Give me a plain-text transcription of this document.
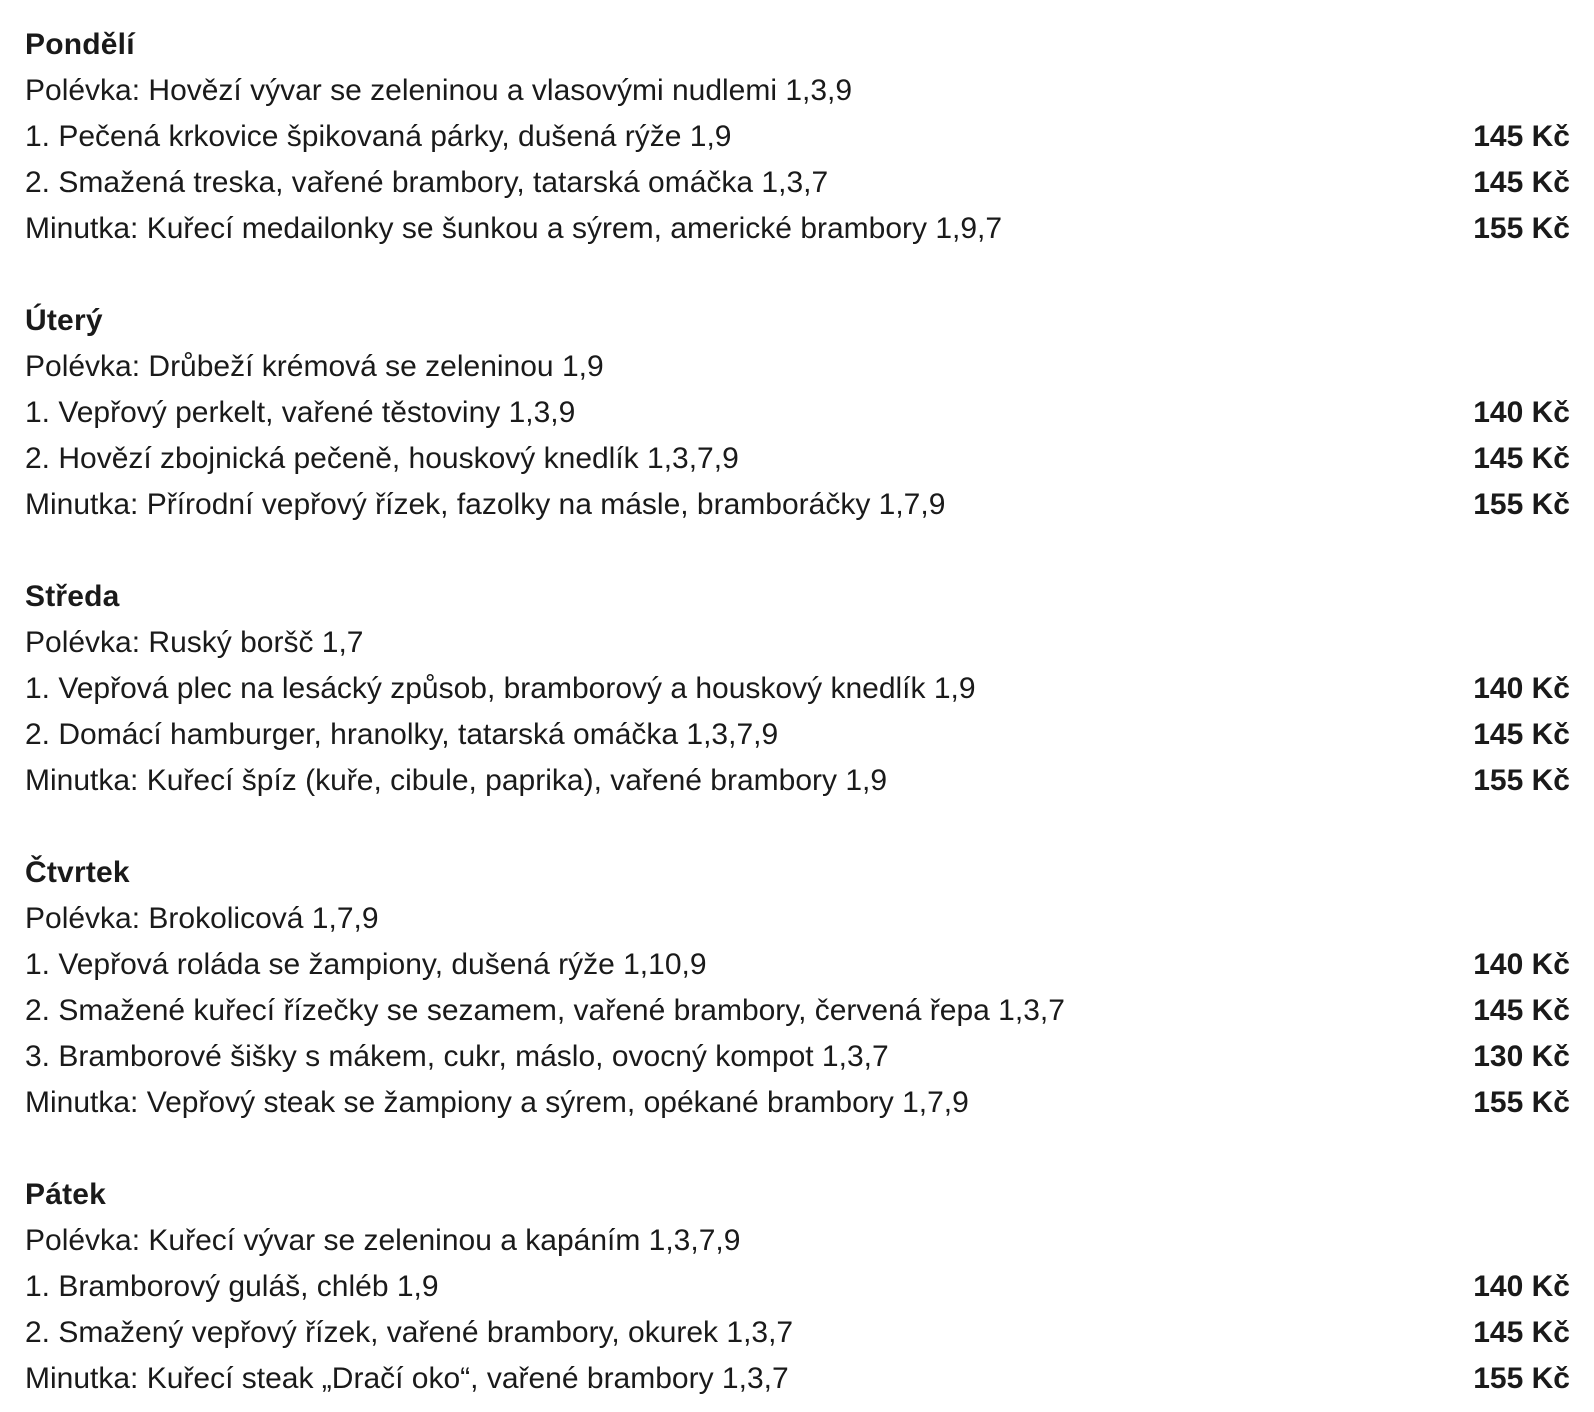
Pondělí

Polévka: Hovězí vývar se zeleninou a vlasovými nudlemi 1,3,9

1. Pečená krkovice špikovaná párky, dušená rýže 1,9	145 Kč
2. Smažená treska, vařené brambory, tatarská omáčka 1,3,7	145 Kč
Minutka: Kuřecí medailonky se šunkou a sýrem, americké brambory 1,9,7	155 Kč
Úterý

Polévka: Drůbeží krémová se zeleninou 1,9

1. Vepřový perkelt, vařené těstoviny 1,3,9	140 Kč
2. Hovězí zbojnická pečeně, houskový knedlík 1,3,7,9	145 Kč
Minutka: Přírodní vepřový řízek, fazolky na másle, bramboráčky 1,7,9	155 Kč
Středa

Polévka: Ruský boršč 1,7

1. Vepřová plec na lesácký způsob, bramborový a houskový knedlík 1,9	140 Kč
2. Domácí hamburger, hranolky, tatarská omáčka 1,3,7,9	145 Kč
Minutka: Kuřecí špíz (kuře, cibule, paprika), vařené brambory 1,9	155 Kč
Čtvrtek

Polévka: Brokolicová 1,7,9

1. Vepřová roláda se žampiony, dušená rýže 1,10,9	140 Kč
2. Smažené kuřecí řízečky se sezamem, vařené brambory, červená řepa 1,3,7	145 Kč
3. Bramborové šišky s mákem, cukr, máslo, ovocný kompot 1,3,7	130 Kč
Minutka: Vepřový steak se žampiony a sýrem, opékané brambory 1,7,9	155 Kč
Pátek

Polévka: Kuřecí vývar se zeleninou a kapáním 1,3,7,9

1. Bramborový guláš, chléb 1,9	140 Kč
2. Smažený vepřový řízek, vařené brambory, okurek 1,3,7	145 Kč
Minutka: Kuřecí steak „Dračí oko“, vařené brambory 1,3,7	155 Kč
